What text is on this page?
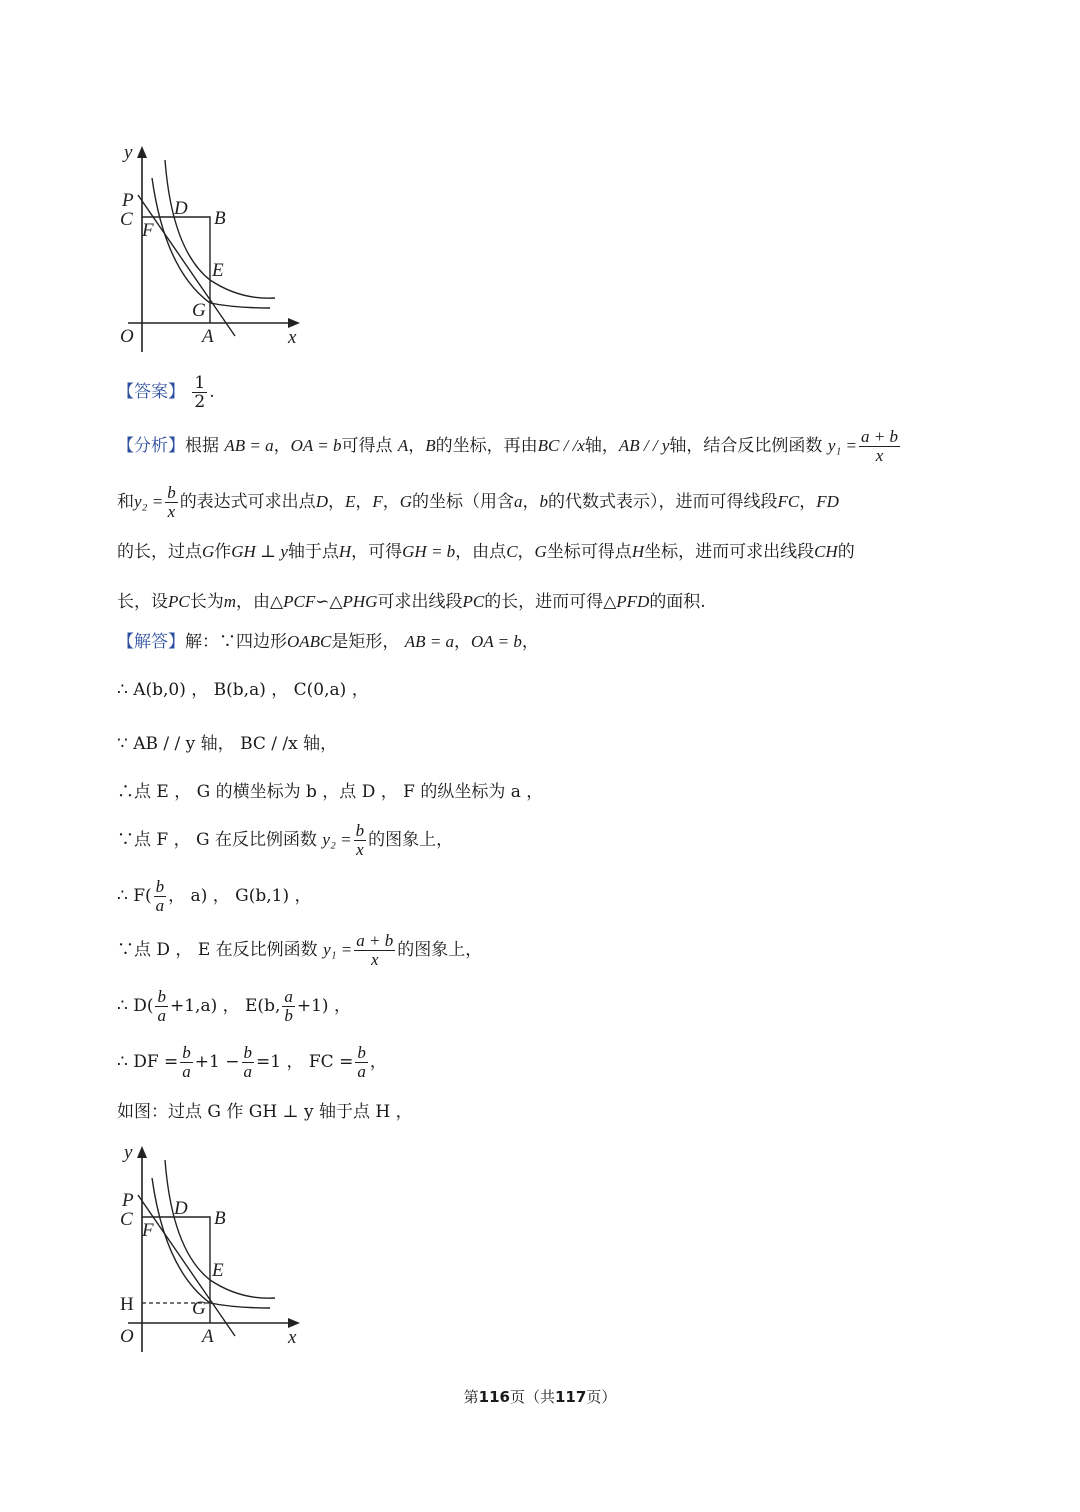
y
x
O
P
C
F
D B
E
G
A
【答案】 $\frac{1}{2}$ .
【分析】根据 AB = a，OA = b可得点 A，B的坐标，再由BC / /x轴，AB / / y轴，结合反比例函数 $y_1 = \frac{a + b}{x}$
和$y_2 = \frac{b}{x}$ 的表达式可求出点D，E，F，G的坐标（用含a，b的代数式表示），进而可得线段FC，FD
的长，过点G作GH ⊥ y轴于点H，可得GH = b，由点C，G坐标可得点H坐标，进而可求出线段CH的
长，设PC长为m，由△PCF∽△PHG可求出线段PC的长，进而可得△PFD的面积.
【解答】解：∵四边形OABC是矩形， AB = a，OA = b，
∴ A(b,0) ， B(b,a) ， C(0,a) ，
∵ AB / / y 轴， BC / /x 轴，
∴点 E ， G 的横坐标为 b ，点 D ， F 的纵坐标为 a ，
∵点 F ， G 在反比例函数 $y_2 = \frac{b}{x}$ 的图象上，
∴ $F( \frac{b}{a}$ ， a) ， G(b,1) ，
∵点 D ， E 在反比例函数 $y_1 = \frac{a + b}{x}$ 的图象上，
∴ $D( \frac{b}{a} +1,a)$ ， E(b, $\frac{a}{b} +1$) ，
∴ DF = $\frac{b}{a} +1 - \frac{b}{a} =1$ ， FC = $\frac{b}{a}$ ，
如图：过点 G 作 GH ⊥ y 轴于点 H ，
y
x
O
P
C
F
D B
E
G
A
H
第116页（共117页）
